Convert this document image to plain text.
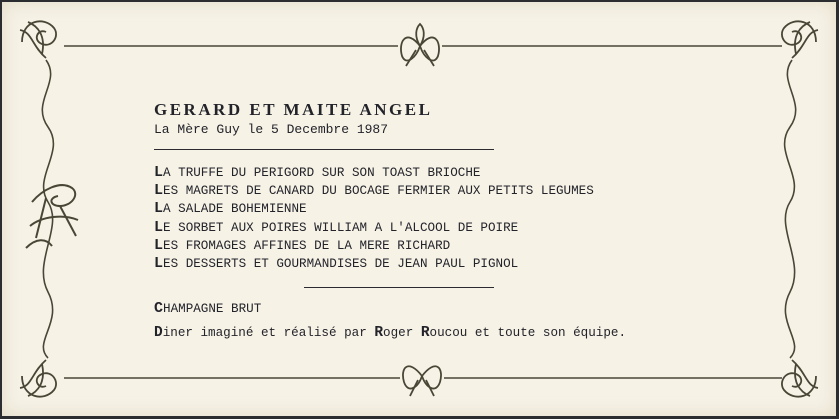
GERARD ET MAITE ANGEL
La Mère Guy le 5 Decembre 1987
LA TRUFFE DU PERIGORD SUR SON TOAST BRIOCHE
LES MAGRETS DE CANARD DU BOCAGE FERMIER AUX PETITS LEGUMES
LA SALADE BOHEMIENNE
LE SORBET AUX POIRES WILLIAM A L'ALCOOL DE POIRE
LES FROMAGES AFFINES DE LA MERE RICHARD
LES DESSERTS ET GOURMANDISES DE JEAN PAUL PIGNOL
CHAMPAGNE BRUT
Diner imaginé et réalisé par Roger Roucou et toute son équipe.
